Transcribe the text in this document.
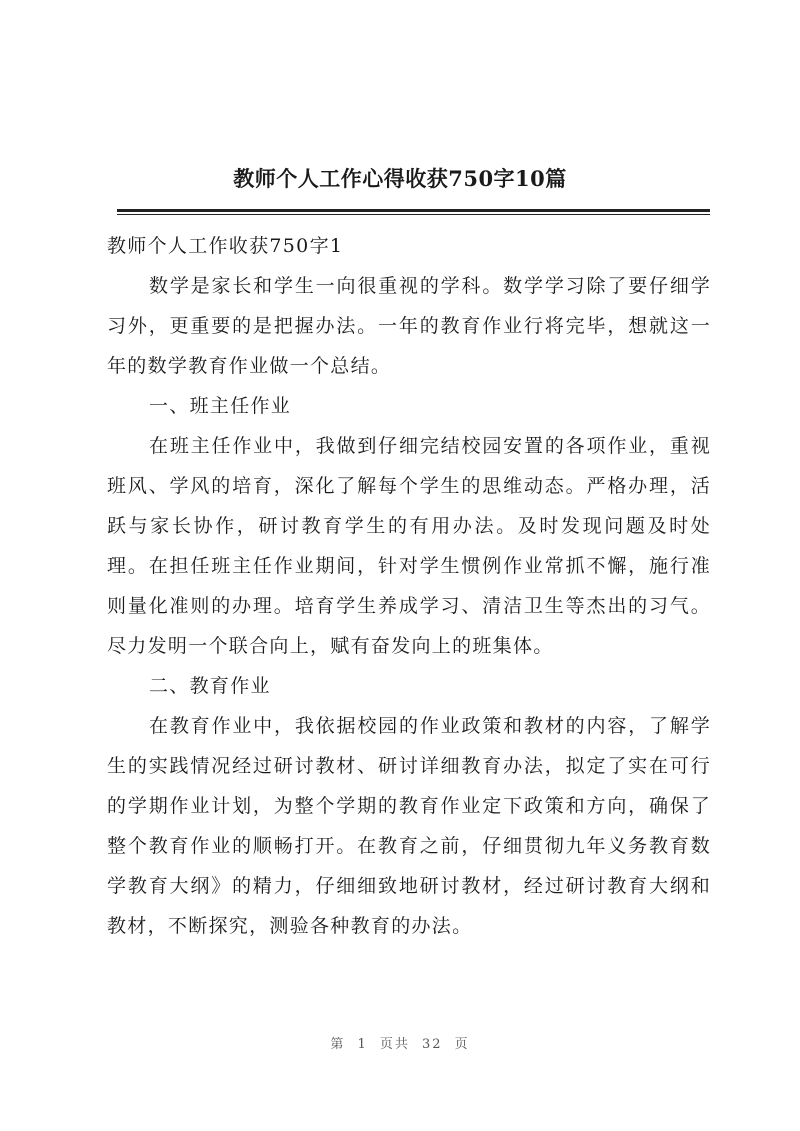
教师个人工作心得收获750字10篇

教师个人工作收获750字1

数学是家长和学生一向很重视的学科。数学学习除了要仔细学习外，更重要的是把握办法。一年的教育作业行将完毕，想就这一年的数学教育作业做一个总结。

一、班主任作业

在班主任作业中，我做到仔细完结校园安置的各项作业，重视班风、学风的培育，深化了解每个学生的思维动态。严格办理，活跃与家长协作，研讨教育学生的有用办法。及时发现问题及时处理。在担任班主任作业期间，针对学生惯例作业常抓不懈，施行准则量化准则的办理。培育学生养成学习、清洁卫生等杰出的习气。尽力发明一个联合向上，赋有奋发向上的班集体。

二、教育作业

在教育作业中，我依据校园的作业政策和教材的内容，了解学生的实践情况经过研讨教材、研讨详细教育办法，拟定了实在可行的学期作业计划，为整个学期的教育作业定下政策和方向，确保了整个教育作业的顺畅打开。在教育之前，仔细贯彻九年义务教育数学教育大纲》的精力，仔细细致地研讨教材，经过研讨教育大纲和教材，不断探究，测验各种教育的办法。

第 1 页共 32 页
